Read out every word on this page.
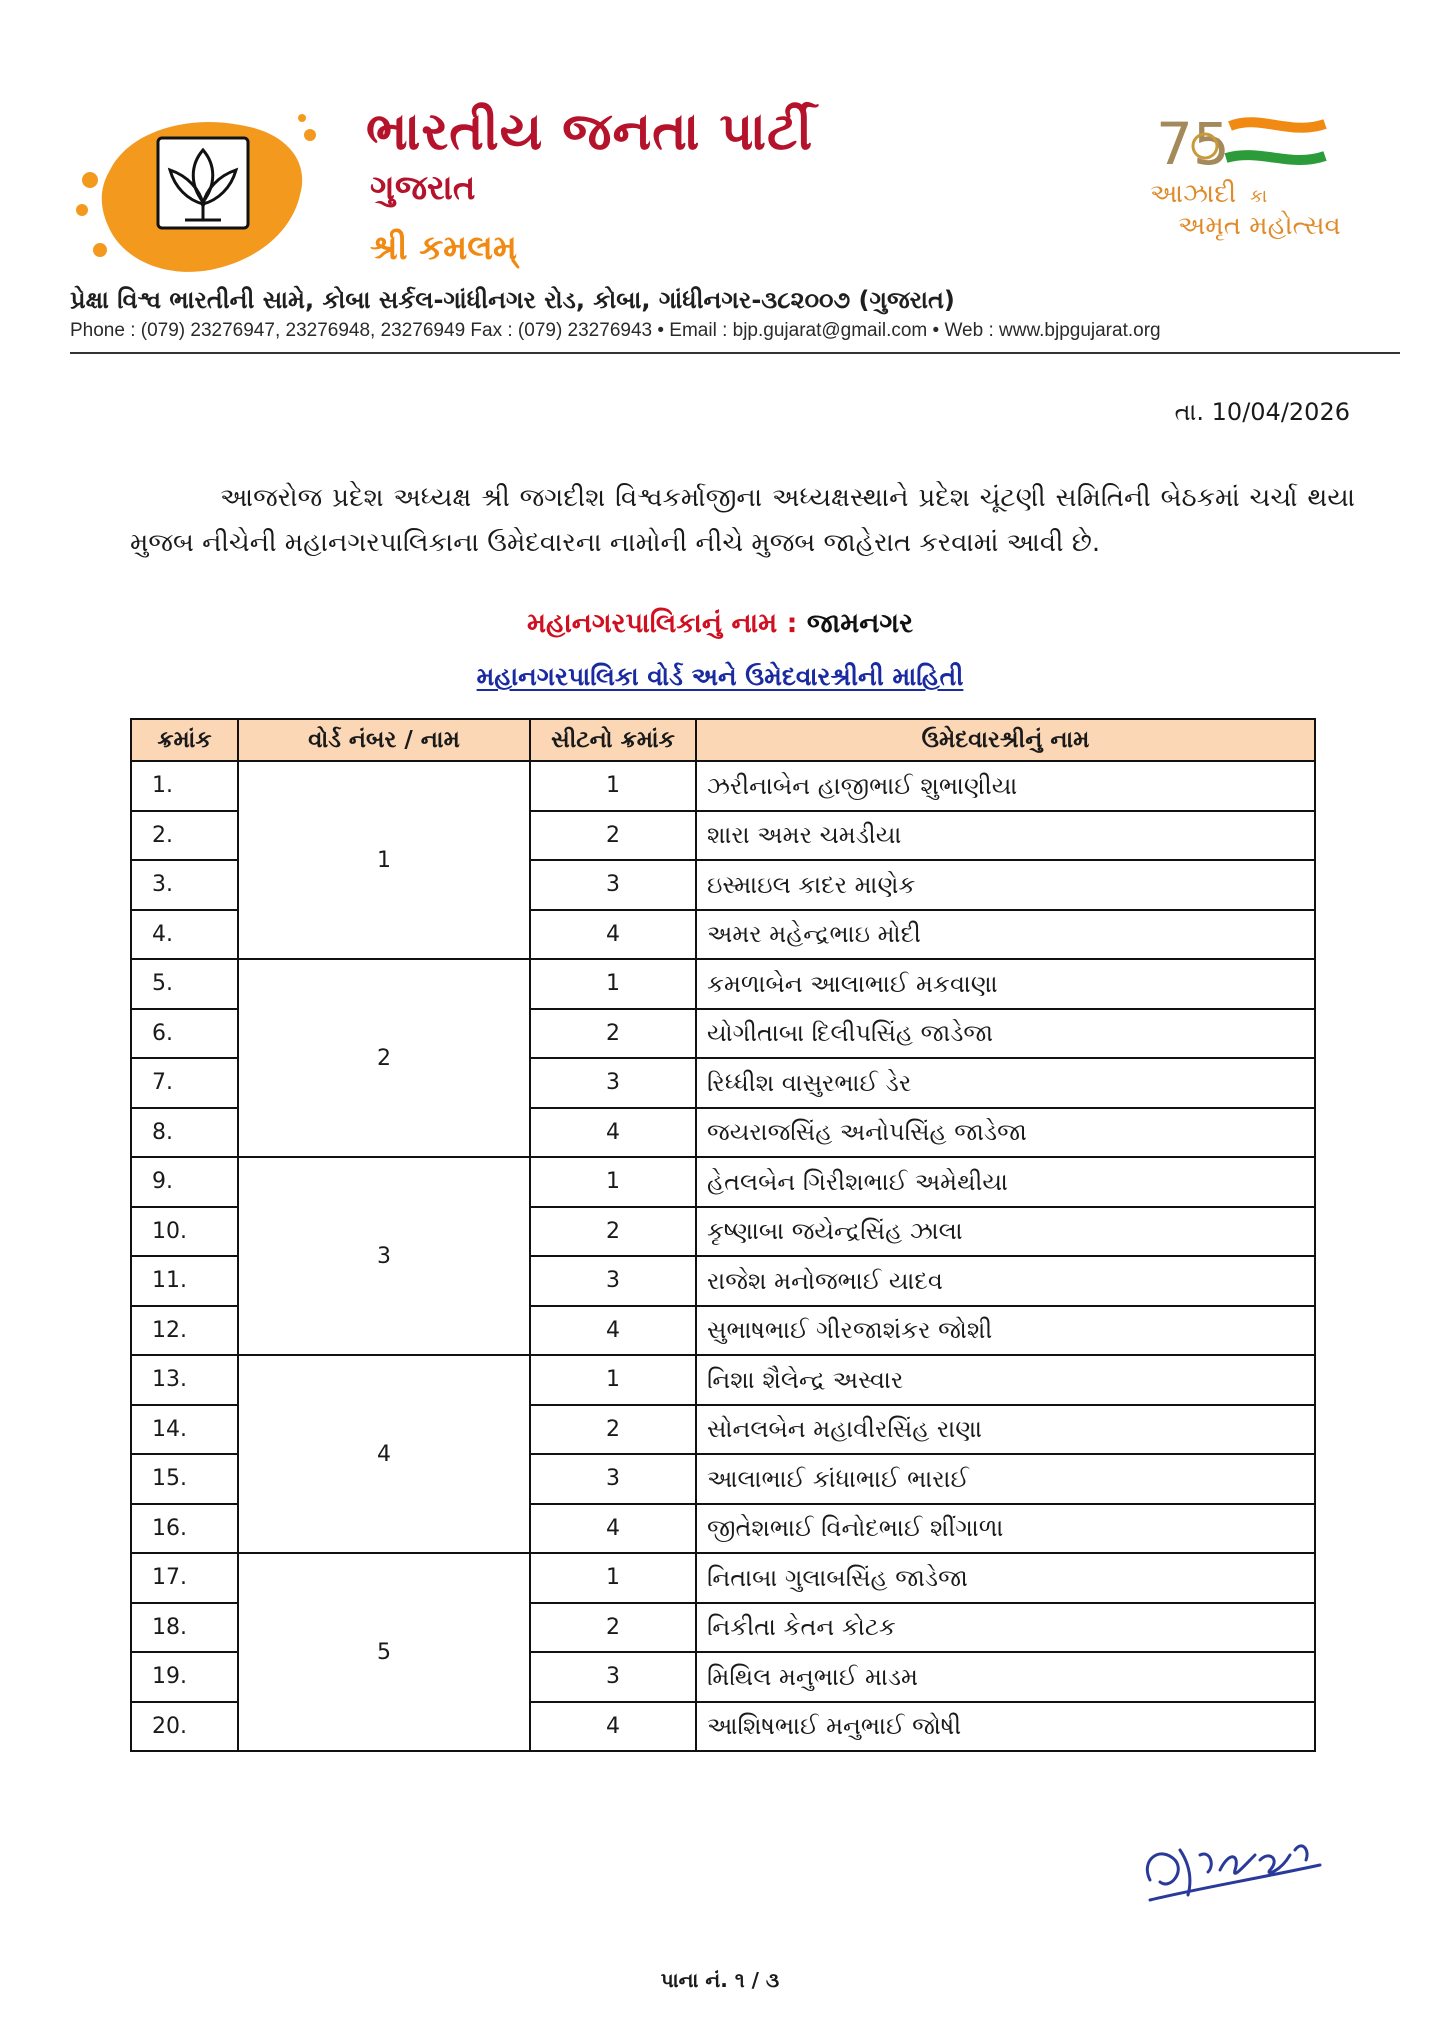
ભારતીય જનતા પાર્ટી
ગુજરાત
શ્રી કમલમ્
75
આઝાદી કા
અમૃત મહોત્સવ
પ્રેક્ષા વિશ્વ ભારતીની સામે, કોબા સર્કલ-ગાંધીનગર રોડ, કોબા, ગાંધીનગર-૩૮૨૦૦૭ (ગુજરાત)
Phone : (079) 23276947, 23276948, 23276949 Fax : (079) 23276943 • Email : bjp.gujarat@gmail.com • Web : www.bjpgujarat.org
તા. 10/04/2026
આજરોજ પ્રદેશ અધ્યક્ષ શ્રી જગદીશ વિશ્વકર્માજીના અધ્યક્ષસ્થાને પ્રદેશ ચૂંટણી સમિતિની બેઠકમાં ચર્ચા થયા મુજબ નીચેની મહાનગરપાલિકાના ઉમેદવારના નામોની નીચે મુજબ જાહેરાત કરવામાં આવી છે.
મહાનગરપાલિકાનું નામ : જામનગર
મહાનગરપાલિકા વોર્ડ અને ઉમેદવારશ્રીની માહિતી
ક્રમાંક	વોર્ડ નંબર / નામ	સીટનો ક્રમાંક	ઉમેદવારશ્રીનું નામ
1.	1	1	ઝરીનાબેન હાજીભાઈ શુભાણીયા
2.		2	શારા અમર ચમડીયા
3.		3	ઇસ્માઇલ કાદર માણેક
4.		4	અમર મહેન્દ્રભાઇ મોદી
5.	2	1	કમળાબેન આલાભાઈ મકવાણા
6.		2	યોગીતાબા દિલીપસિંહ જાડેજા
7.		3	રિધ્ધીશ વાસુરભાઈ ડેર
8.		4	જયરાજસિંહ અનોપસિંહ જાડેજા
9.	3	1	હેતલબેન ગિરીશભાઈ અમેથીયા
10.		2	કૃષ્ણાબા જયેન્દ્રસિંહ ઝાલા
11.		3	રાજેશ મનોજભાઈ યાદવ
12.		4	સુભાષભાઈ ગીરજાશંકર જોશી
13.	4	1	નિશા શૈલેન્દ્ર અસ્વાર
14.		2	સોનલબેન મહાવીરસિંહ રાણા
15.		3	આલાભાઈ કાંધાભાઈ ભારાઈ
16.		4	જીતેશભાઈ વિનોદભાઈ શીંગાળા
17.	5	1	નિતાબા ગુલાબસિંહ જાડેજા
18.		2	નિકીતા કેતન કોટક
19.		3	મિથિલ મનુભાઈ માડમ
20.		4	આશિષભાઈ મનુભાઈ જોષી
પાના નં. ૧ / ૩
